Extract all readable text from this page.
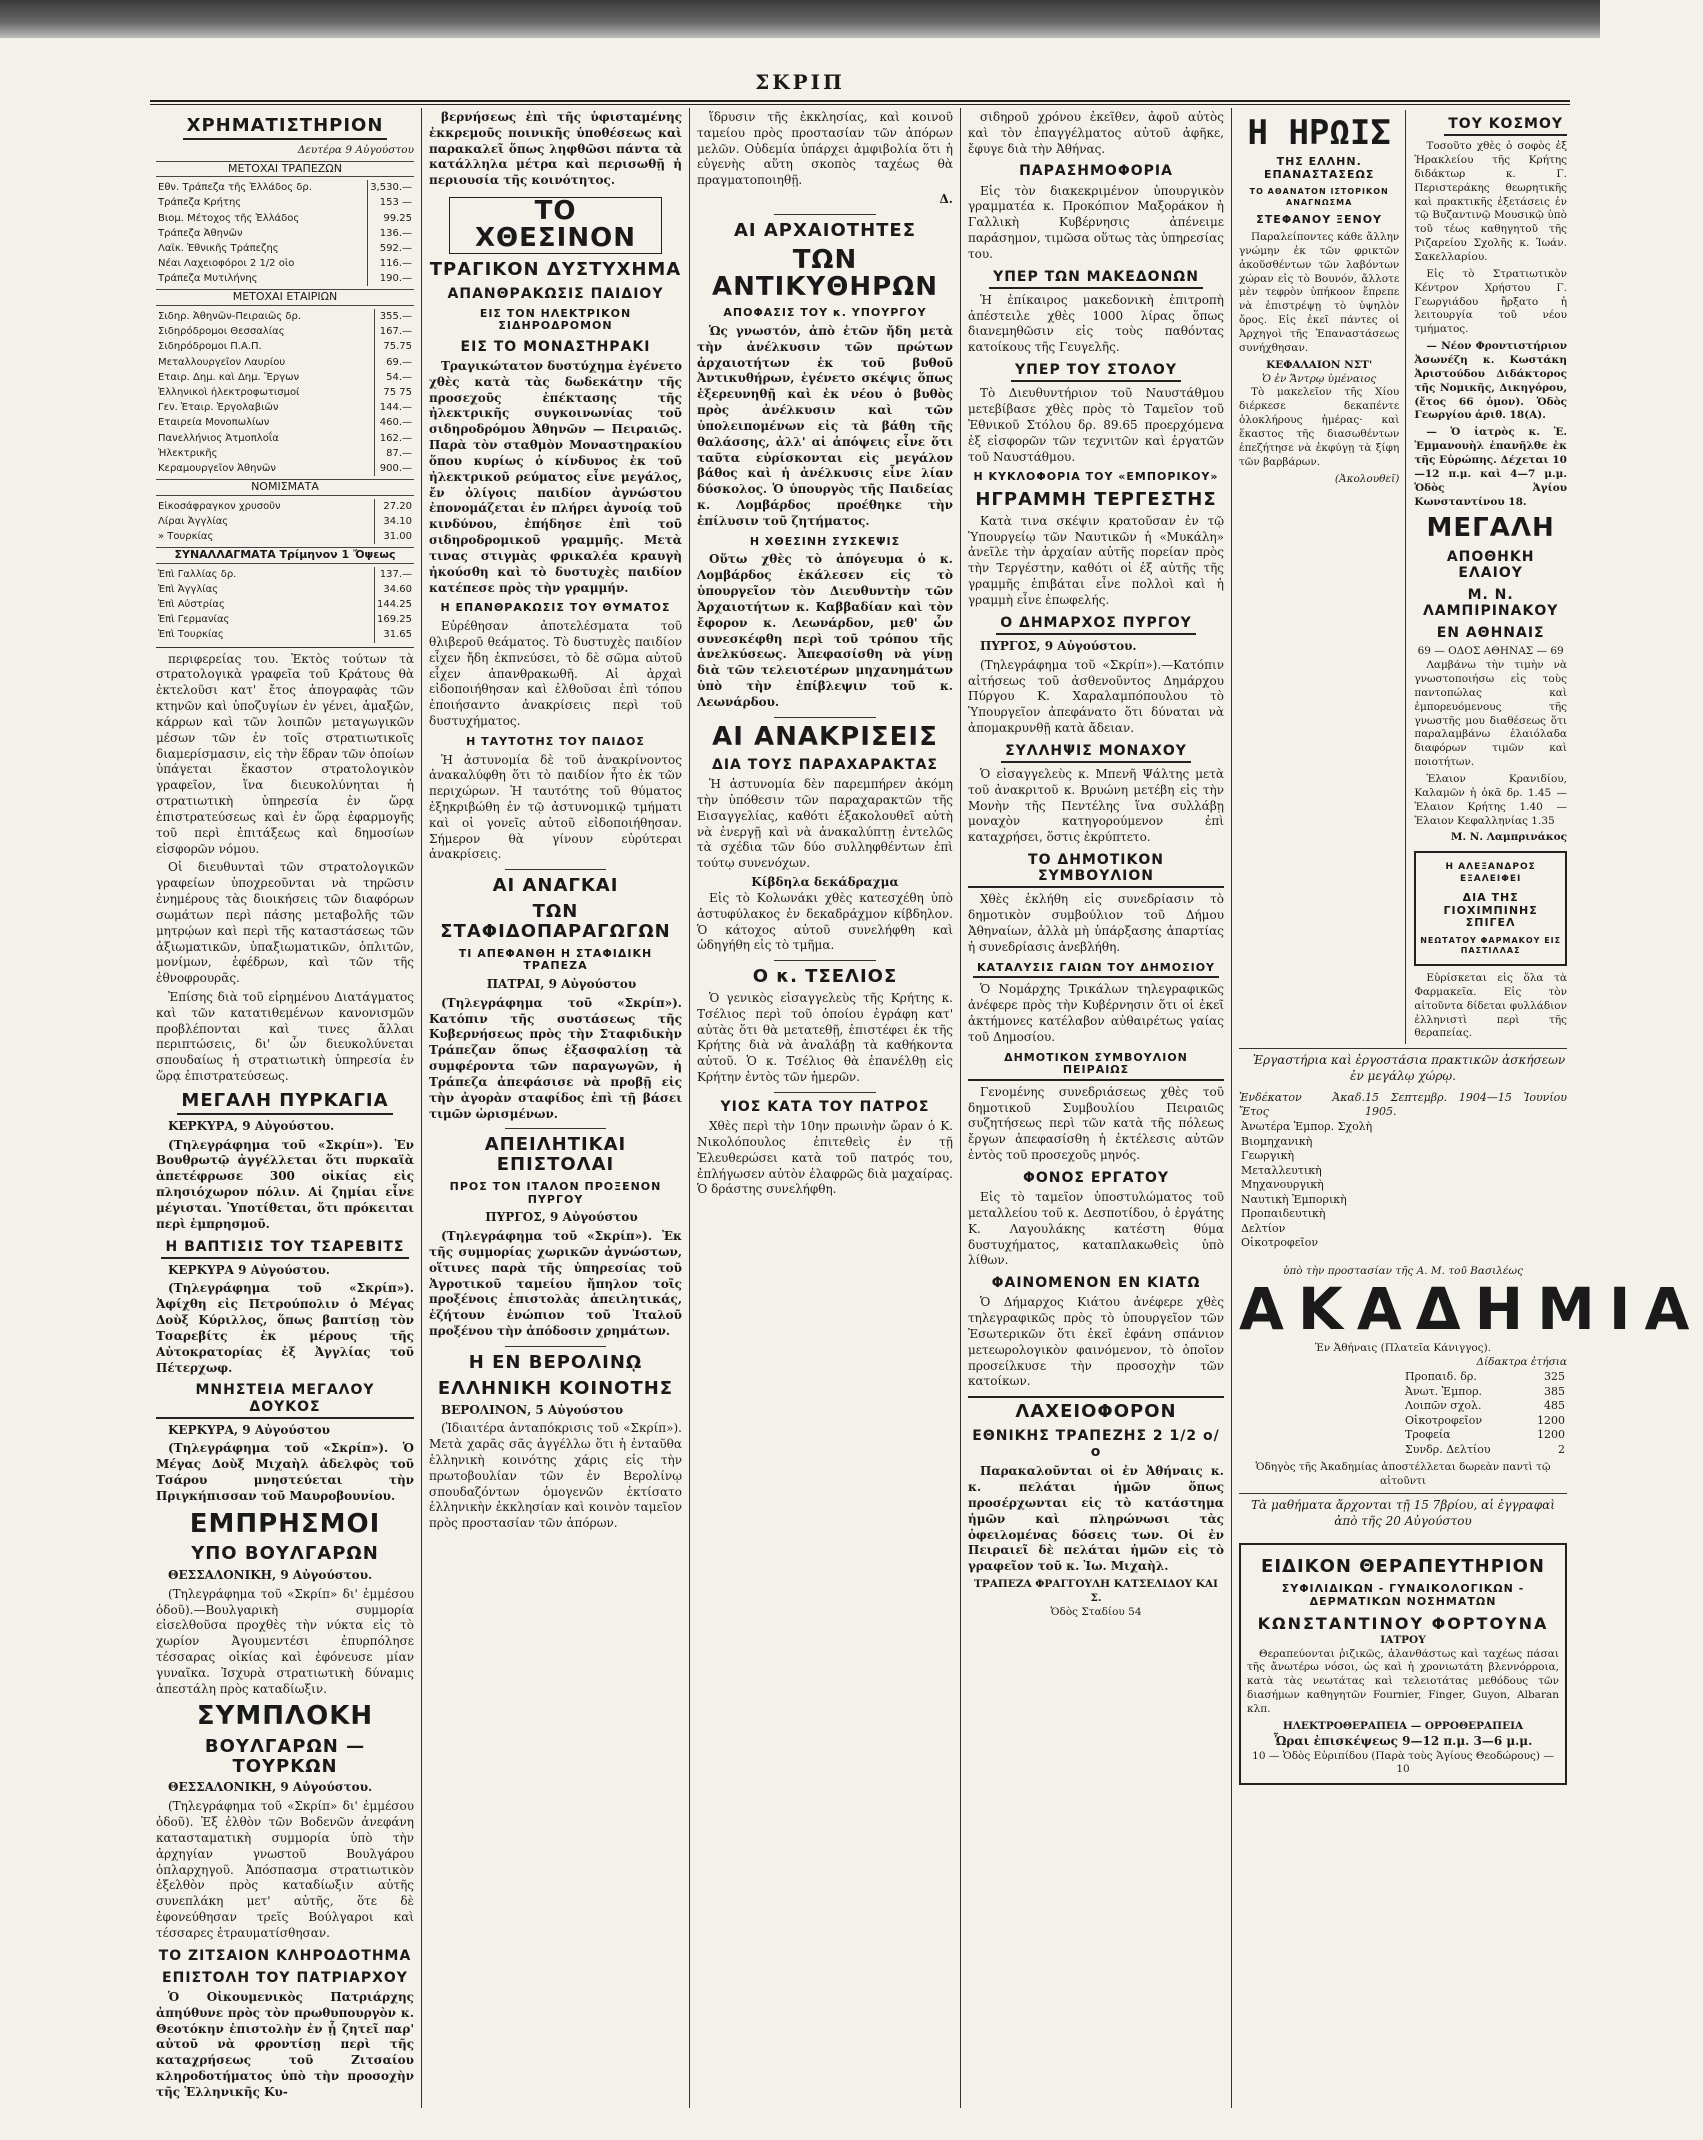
ΣΚΡΙΠ
ΧΡΗΜΑΤΙΣΤΗΡΙΟΝ
Δευτέρα 9 Αὐγούστου
ΜΕΤΟΧΑΙ ΤΡΑΠΕΖΩΝ
Εθν. Τράπεζα τῆς Ἑλλάδος δρ.	3,530.—
Τράπεζα Κρήτης	153 —
Βιομ. Μέτοχος τῆς Ἑλλάδος	99.25
Τράπεζα Ἀθηνῶν	136.—
Λαϊκ. Ἐθνικῆς Τράπεζης	592.—
Νέαι Λαχειοφόροι 2 1/2 οἱο	116.—
Τράπεζα Μυτιλήνης	190.—
ΜΕΤΟΧΑΙ ΕΤΑΙΡΙΩΝ
Σιδηρ. Ἀθηνῶν-Πειραιῶς δρ.	355.—
Σιδηρόδρομοι Θεσσαλίας	167.—
Σιδηρόδρομοι Π.Α.Π.	75.75
Μεταλλουργεῖον Λαυρίου	69.—
Εταιρ. Δημ. καὶ Δημ. Ἔργων	54.—
Ἑλληνικοὶ ἠλεκτροφωτισμοί	75 75
Γεν. Ἐταιρ. Ἐργολαβιῶν	144.—
Εταιρεία Μονοπωλίων	460.—
Πανελλήνιος Ἀτμοπλοΐα	162.—
Ἠλεκτρικῆς	87.—
Κεραμουργεῖον Ἀθηνῶν	900.—
ΝΟΜΙΣΜΑΤΑ
Εἰκοσάφραγκον χρυσοῦν	27.20
Λίραι Ἀγγλίας	34.10
» Τουρκίας	31.00
ΣΥΝΑΛΛΑΓΜΑΤΑ Τρίμηνον 1 Ὄψεως
Ἐπὶ Γαλλίας δρ.	137.—
Ἐπὶ Ἀγγλίας	34.60
Ἐπὶ Αὐστρίας	144.25
Ἐπὶ Γερμανίας	169.25
Ἐπὶ Τουρκίας	31.65

περιφερείας του. Ἐκτὸς τούτων τὰ στρατολογικὰ γραφεῖα τοῦ Κράτους θὰ ἐκτελοῦσι κατ' ἔτος ἀπογραφὰς τῶν κτηνῶν καὶ ὑποζυγίων ἐν γένει, ἁμαξῶν, κάρρων καὶ τῶν λοιπῶν μεταγωγικῶν μέσων τῶν ἐν τοῖς στρατιωτικοῖς διαμερίσμασιν, εἰς τὴν ἕδραν τῶν ὁποίων ὑπάγεται ἕκαστον στρατολογικὸν γραφεῖον, ἵνα διευκολύνηται ἡ στρατιωτικὴ ὑπηρεσία ἐν ὥρᾳ ἐπιστρατεύσεως καὶ ἐν ὥρᾳ ἐφαρμογῆς τοῦ περὶ ἐπιτάξεως καὶ δημοσίων εἰσφορῶν νόμου.

Οἱ διευθυνταὶ τῶν στρατολογικῶν γραφείων ὑποχρεοῦνται νὰ τηρῶσιν ἐνημέρους τὰς διοικήσεις τῶν διαφόρων σωμάτων περὶ πάσης μεταβολῆς τῶν μητρῴων καὶ περὶ τῆς καταστάσεως τῶν ἀξιωματικῶν, ὑπαξιωματικῶν, ὁπλιτῶν, μονίμων, ἐφέδρων, καὶ τῶν τῆς ἐθνοφρουρᾶς.

Ἐπίσης διὰ τοῦ εἰρημένου Διατάγματος καὶ τῶν κατατιθεμένων κανονισμῶν προβλέπονται καὶ τινες ἄλλαι περιπτώσεις, δι' ὧν διευκολύνεται σπουδαίως ἡ στρατιωτικὴ ὑπηρεσία ἐν ὥρᾳ ἐπιστρατεύσεως.

ΜΕΓΑΛΗ ΠΥΡΚΑΓΙΑ

ΚΕΡΚΥΡΑ, 9 Αὐγούστου.

(Τηλεγράφημα τοῦ «Σκρίπ»). Ἐν Βουθρωτῷ ἀγγέλλεται ὅτι πυρκαϊὰ ἀπετέφρωσε 300 οἰκίας εἰς πλησιόχωρον πόλιν. Αἱ ζημίαι εἶνε μέγισται. Ὑποτίθεται, ὅτι πρόκειται περὶ ἐμπρησμοῦ.

Η ΒΑΠΤΙΣΙΣ ΤΟΥ ΤΣΑΡΕΒΙΤΣ

ΚΕΡΚΥΡΑ 9 Αὐγούστου.

(Τηλεγράφημα τοῦ «Σκρίπ»). Ἀφίχθη εἰς Πετρούπολιν ὁ Μέγας Δοὺξ Κύριλλος, ὅπως βαπτίσῃ τὸν Τσαρεβίτς ἐκ μέρους τῆς Αὐτοκρατορίας ἐξ Ἀγγλίας τοῦ Πέτερχωφ.

ΜΝΗΣΤΕΙΑ ΜΕΓΑΛΟΥ ΔΟΥΚΟΣ

ΚΕΡΚΥΡΑ, 9 Αὐγούστου

(Τηλεγράφημα τοῦ «Σκρίπ»). Ὁ Μέγας Δοὺξ Μιχαὴλ ἀδελφὸς τοῦ Τσάρου μνηστεύεται τὴν Πριγκήπισσαν τοῦ Μαυροβουνίου.

ΕΜΠΡΗΣΜΟΙ
ΥΠΟ ΒΟΥΛΓΑΡΩΝ

ΘΕΣΣΑΛΟΝΙΚΗ, 9 Αὐγούστου.

(Τηλεγράφημα τοῦ «Σκρίπ» δι' ἐμμέσου ὁδοῦ).—Βουλγαρικὴ συμμορία εἰσελθοῦσα προχθὲς τὴν νύκτα εἰς τὸ χωρίον Ἀγουμεντέσι ἐπυρπόλησε τέσσαρας οἰκίας καὶ ἐφόνευσε μίαν γυναῖκα. Ἰσχυρὰ στρατιωτικὴ δύναμις ἀπεστάλη πρὸς καταδίωξιν.

ΣΥΜΠΛΟΚΗ
ΒΟΥΛΓΑΡΩΝ — ΤΟΥΡΚΩΝ

ΘΕΣΣΑΛΟΝΙΚΗ, 9 Αὐγούστου.

(Τηλεγράφημα τοῦ «Σκρίπ» δι' ἐμμέσου ὁδοῦ). Ἐξ ἐλθὸν τῶν Βοδενῶν ἀνεφάνη κατασταματικὴ συμμορία ὑπὸ τὴν ἀρχηγίαν γνωστοῦ Βουλγάρου ὁπλαρχηγοῦ. Ἀπόσπασμα στρατιωτικὸν ἐξελθὸν πρὸς καταδίωξιν αὐτῆς συνεπλάκη μετ' αὐτῆς, ὅτε δὲ ἐφονεύθησαν τρεῖς Βούλγαροι καὶ τέσσαρες ἐτραυματίσθησαν.

ΤΟ ΖΙΤΣΑΙΟΝ ΚΛΗΡΟΔΟΤΗΜΑ
ΕΠΙΣΤΟΛΗ ΤΟΥ ΠΑΤΡΙΑΡΧΟΥ

Ὁ Οἰκουμενικὸς Πατριάρχης ἀπηύθυνε πρὸς τὸν πρωθυπουργὸν κ. Θεοτόκην ἐπιστολὴν ἐν ᾗ ζητεῖ παρ' αὐτοῦ νὰ φροντίσῃ περὶ τῆς καταχρήσεως τοῦ Ζιτσαίου κληροδοτήματος ὑπὸ τὴν προσοχὴν τῆς Ἑλληνικῆς Κυ-

βερνήσεως ἐπὶ τῆς ὑφισταμένης ἐκκρεμοῦς ποινικῆς ὑποθέσεως καὶ παρακαλεῖ ὅπως ληφθῶσι πάντα τὰ κατάλληλα μέτρα καὶ περισωθῇ ἡ περιουσία τῆς κοινότητος.

ΤΟ ΧΘΕΣΙΝΟΝ
ΤΡΑΓΙΚΟΝ ΔΥΣΤΥΧΗΜΑ
ΑΠΑΝΘΡΑΚΩΣΙΣ ΠΑΙΔΙΟΥ
ΕΙΣ ΤΟΝ ΗΛΕΚΤΡΙΚΟΝ ΣΙΔΗΡΟΔΡΟΜΟΝ
ΕΙΣ ΤΟ ΜΟΝΑΣΤΗΡΑΚΙ

Τραγικώτατον δυστύχημα ἐγένετο χθὲς κατὰ τὰς δωδεκάτην τῆς προσεχοῦς ἐπέκτασης τῆς ἠλεκτρικῆς συγκοινωνίας τοῦ σιδηροδρόμου Ἀθηνῶν — Πειραιῶς. Παρὰ τὸν σταθμὸν Μοναστηρακίου ὅπου κυρίως ὁ κίνδυνος ἐκ τοῦ ἠλεκτρικοῦ ρεύματος εἶνε μεγάλος, ἔν ὀλίγοις παιδίον ἀγνώστου ἐπονομάζεται ἐν πλήρει ἀγνοίᾳ τοῦ κινδύνου, ἐπήδησε ἐπὶ τοῦ σιδηροδρομικοῦ γραμμῆς. Μετὰ τινας στιγμὰς φρικαλέα κραυγὴ ἠκούσθη καὶ τὸ δυστυχὲς παιδίον κατέπεσε πρὸς τὴν γραμμήν.

Η ΕΠΑΝΘΡΑΚΩΣΙΣ ΤΟΥ ΘΥΜΑΤΟΣ

Εὐρέθησαν ἀποτελέσματα τοῦ θλιβεροῦ θεάματος. Τὸ δυστυχὲς παιδίον εἶχεν ἤδη ἐκπνεύσει, τὸ δὲ σῶμα αὐτοῦ εἶχεν ἀπανθρακωθῆ. Αἱ ἀρχαὶ εἰδοποιήθησαν καὶ ἐλθοῦσαι ἐπὶ τόπου ἐποιήσαντο ἀνακρίσεις περὶ τοῦ δυστυχήματος.

Η ΤΑΥΤΟΤΗΣ ΤΟΥ ΠΑΙΔΟΣ

Ἡ ἀστυνομία δὲ τοῦ ἀνακρίνοντος ἀνακαλύφθη ὅτι τὸ παιδίον ἦτο ἐκ τῶν περιχώρων. Ἡ ταυτότης τοῦ θύματος ἐξηκριβώθη ἐν τῷ ἀστυνομικῷ τμήματι καὶ οἱ γονεῖς αὐτοῦ εἰδοποιήθησαν. Σήμερον θὰ γίνουν εὐρύτεραι ἀνακρίσεις.

ΑΙ ΑΝΑΓΚΑΙ
ΤΩΝ ΣΤΑΦΙΔΟΠΑΡΑΓΩΓΩΝ
ΤΙ ΑΠΕΦΑΝΘΗ Η ΣΤΑΦΙΔΙΚΗ ΤΡΑΠΕΖΑ

ΠΑΤΡΑΙ, 9 Αὐγούστου

(Τηλεγράφημα τοῦ «Σκρίπ»). Κατόπιν τῆς συστάσεως τῆς Κυβερνήσεως πρὸς τὴν Σταφιδικὴν Τράπεζαν ὅπως ἐξασφαλίσῃ τὰ συμφέροντα τῶν παραγωγῶν, ἡ Τράπεζα ἀπεφάσισε νὰ προβῇ εἰς τὴν ἀγορὰν σταφίδος ἐπὶ τῇ βάσει τιμῶν ὡρισμένων.

ΑΠΕΙΛΗΤΙΚΑΙ ΕΠΙΣΤΟΛΑΙ
ΠΡΟΣ ΤΟΝ ΙΤΑΛΟΝ ΠΡΟΞΕΝΟΝ ΠΥΡΓΟΥ

ΠΥΡΓΟΣ, 9 Αὐγούστου

(Τηλεγράφημα τοῦ «Σκρίπ»). Ἐκ τῆς συμμορίας χωρικῶν ἀγνώστων, οἵτινες παρὰ τῆς ὑπηρεσίας τοῦ Ἀγροτικοῦ ταμείου ἤπηλον τοῖς προξένοις ἐπιστολὰς ἀπειλητικάς, ἐζήτουν ἐνώπιον τοῦ Ἰταλοῦ προξένου τὴν ἀπόδοσιν χρημάτων.

Η ΕΝ ΒΕΡΟΛΙΝῼ
ΕΛΛΗΝΙΚΗ ΚΟΙΝΟΤΗΣ

ΒΕΡΟΛΙΝΟΝ, 5 Αὐγούστου

(Ἰδιαιτέρα ἀνταπόκρισις τοῦ «Σκρίπ»). Μετὰ χαρᾶς σᾶς ἀγγέλλω ὅτι ἡ ἐνταῦθα ἑλληνικὴ κοινότης χάρις εἰς τὴν πρωτοβουλίαν τῶν ἐν Βερολίνῳ σπουδαζόντων ὁμογενῶν ἐκτίσατο ἑλληνικὴν ἐκκλησίαν καὶ κοινὸν ταμεῖον πρὸς προστασίαν τῶν ἀπόρων.

ἵδρυσιν τῆς ἐκκλησίας, καὶ κοινοῦ ταμείου πρὸς προστασίαν τῶν ἀπόρων μελῶν. Οὐδεμία ὑπάρχει ἀμφιβολία ὅτι ἡ εὐγενὴς αὕτη σκοπὸς ταχέως θὰ πραγματοποιηθῇ.

Δ.
ΑΙ ΑΡΧΑΙΟΤΗΤΕΣ
ΤΩΝ ΑΝΤΙΚΥΘΗΡΩΝ
ΑΠΟΦΑΣΙΣ ΤΟΥ κ. ΥΠΟΥΡΓΟΥ

Ὡς γνωστόν, ἀπὸ ἐτῶν ἤδη μετὰ τὴν ἀνέλκυσιν τῶν πρώτων ἀρχαιοτήτων ἐκ τοῦ βυθοῦ Ἀντικυθήρων, ἐγένετο σκέψις ὅπως ἐξερευνηθῇ καὶ ἐκ νέου ὁ βυθὸς πρὸς ἀνέλκυσιν καὶ τῶν ὑπολειπομένων εἰς τὰ βάθη τῆς θαλάσσης, ἀλλ' αἱ ἀπόψεις εἶνε ὅτι ταῦτα εὑρίσκονται εἰς μεγάλον βάθος καὶ ἡ ἀνέλκυσις εἶνε λίαν δύσκολος. Ὁ ὑπουργὸς τῆς Παιδείας κ. Λομβάρδος προέθηκε τὴν ἐπίλυσιν τοῦ ζητήματος.

Η ΧΘΕΣΙΝΗ ΣΥΣΚΕΨΙΣ

Οὕτω χθὲς τὸ ἀπόγευμα ὁ κ. Λομβάρδος ἐκάλεσεν εἰς τὸ ὑπουργεῖον τὸν Διευθυντὴν τῶν Ἀρχαιοτήτων κ. Καββαδίαν καὶ τὸν ἔφορον κ. Λεωνάρδον, μεθ' ὧν συνεσκέφθη περὶ τοῦ τρόπου τῆς ἀνελκύσεως. Ἀπεφασίσθη νὰ γίνῃ διὰ τῶν τελειοτέρων μηχανημάτων ὑπὸ τὴν ἐπίβλεψιν τοῦ κ. Λεωνάρδου.

ΑΙ ΑΝΑΚΡΙΣΕΙΣ
ΔΙΑ ΤΟΥΣ ΠΑΡΑΧΑΡΑΚΤΑΣ

Ἡ ἀστυνομία δὲν παρεμπήρεν ἀκόμη τὴν ὑπόθεσιν τῶν παραχαρακτῶν τῆς Εισαγγελίας, καθότι ἐξακολουθεῖ αὐτὴ νὰ ἐνεργῇ καὶ νὰ ἀνακαλύπτῃ ἐντελῶς τὰ σχέδια τῶν δύο συλληφθέντων ἐπὶ τούτῳ συνενόχων.

Κίβδηλα δεκάδραχμα

Εἰς τὸ Κολωνάκι χθὲς κατεσχέθη ὑπὸ ἀστυφύλακος ἐν δεκαδράχμον κίβδηλον. Ὁ κάτοχος αὐτοῦ συνελήφθη καὶ ὡδηγήθη εἰς τὸ τμῆμα.

Ο κ. ΤΣΕΛΙΟΣ

Ὁ γενικὸς εἰσαγγελεὺς τῆς Κρήτης κ. Τσέλιος περὶ τοῦ ὁποίου ἐγράφη κατ' αὐτὰς ὅτι θὰ μετατεθῇ, ἐπιστέφει ἐκ τῆς Κρήτης διὰ νὰ ἀναλάβῃ τὰ καθήκοντα αὐτοῦ. Ὁ κ. Τσέλιος θὰ ἐπανέλθῃ εἰς Κρήτην ἐντὸς τῶν ἡμερῶν.

ΥΙΟΣ ΚΑΤΑ ΤΟΥ ΠΑΤΡΟΣ

Χθὲς περὶ τὴν 10ην πρωινὴν ὥραν ὁ Κ. Νικολόπουλος ἐπιτεθεὶς ἐν τῇ Ἐλευθερώσει κατὰ τοῦ πατρός του, ἐπλήγωσεν αὐτὸν ἐλαφρῶς διὰ μαχαίρας. Ὁ δράστης συνελήφθη.

σιδηροῦ χρόνου ἐκεῖθεν, ἀφοῦ αὐτὸς καὶ τὸν ἐπαγγέλματος αὐτοῦ ἀφῆκε, ἔφυγε διὰ τὴν Ἀθήνας.

ΠΑΡΑΣΗΜΟΦΟΡΙΑ

Εἰς τὸν διακεκριμένον ὑπουργικὸν γραμματέα κ. Προκόπιον Μαξοράκον ἡ Γαλλικὴ Κυβέρνησις ἀπένειμε παράσημον, τιμῶσα οὕτως τὰς ὑπηρεσίας του.

ΥΠΕΡ ΤΩΝ ΜΑΚΕΔΟΝΩΝ

Ἡ ἐπίκαιρος μακεδονικὴ ἐπιτροπὴ ἀπέστειλε χθὲς 1000 λίρας ὅπως διανεμηθῶσιν εἰς τοὺς παθόντας κατοίκους τῆς Γευγελῆς.

ΥΠΕΡ ΤΟΥ ΣΤΟΛΟΥ

Τὸ Διευθυντήριον τοῦ Ναυστάθμου μετεβίβασε χθὲς πρὸς τὸ Ταμεῖον τοῦ Ἐθνικοῦ Στόλου δρ. 89.65 προερχόμενα ἐξ εἰσφορῶν τῶν τεχνιτῶν καὶ ἐργατῶν τοῦ Ναυστάθμου.

Η ΚΥΚΛΟΦΟΡΙΑ ΤΟΥ «ΕΜΠΟΡΙΚΟΥ»
ΗΓΡΑΜΜΗ ΤΕΡΓΕΣΤΗΣ

Κατὰ τινα σκέψιν κρατοῦσαν ἐν τῷ Ὑπουργείῳ τῶν Ναυτικῶν ἡ «Μυκάλη» ἀνεῖλε τὴν ἀρχαίαν αὐτῆς πορείαν πρὸς τὴν Τεργέστην, καθότι οἱ ἐξ αὐτῆς τῆς γραμμῆς ἐπιβάται εἶνε πολλοὶ καὶ ἡ γραμμὴ εἶνε ἐπωφελής.

Ο ΔΗΜΑΡΧΟΣ ΠΥΡΓΟΥ

ΠΥΡΓΟΣ, 9 Αὐγούστου.

(Τηλεγράφημα τοῦ «Σκρίπ»).—Κατόπιν αἰτήσεως τοῦ ἀσθενοῦντος Δημάρχου Πύργου Κ. Χαραλαμπόπουλου τὸ Ὑπουργεῖον ἀπεφάνατο ὅτι δύναται νὰ ἀπομακρυνθῇ κατὰ ἄδειαν.

ΣΥΛΛΗΨΙΣ ΜΟΝΑΧΟΥ

Ὁ εἰσαγγελεὺς κ. Μπενῆ Ψάλτης μετὰ τοῦ ἀνακριτοῦ κ. Βρυώνη μετέβη εἰς τὴν Μονὴν τῆς Πεντέλης ἵνα συλλάβῃ μοναχὸν κατηγορούμενον ἐπὶ καταχρήσει, ὅστις ἐκρύπτετο.

ΤΟ ΔΗΜΟΤΙΚΟΝ ΣΥΜΒΟΥΛΙΟΝ

Χθὲς ἐκλήθη εἰς συνεδρίασιν τὸ δημοτικὸν συμβούλιον τοῦ Δήμου Ἀθηναίων, ἀλλὰ μὴ ὑπάρξασης ἀπαρτίας ἡ συνεδρίασις ἀνεβλήθη.

ΚΑΤΑΛΥΣΙΣ ΓΑΙΩΝ ΤΟΥ ΔΗΜΟΣΙΟΥ

Ὁ Νομάρχης Τρικάλων τηλεγραφικῶς ἀνέφερε πρὸς τὴν Κυβέρνησιν ὅτι οἱ ἐκεῖ ἀκτήμονες κατέλαβον αὐθαιρέτως γαίας τοῦ Δημοσίου.

ΔΗΜΟΤΙΚΟΝ ΣΥΜΒΟΥΛΙΟΝ ΠΕΙΡΑΙΩΣ

Γενομένης συνεδριάσεως χθὲς τοῦ δημοτικοῦ Συμβουλίου Πειραιῶς συζητήσεως περὶ τῶν κατὰ τῆς πόλεως ἔργων ἀπεφασίσθη ἡ ἐκτέλεσις αὐτῶν ἐντὸς τοῦ προσεχοῦς μηνός.

ΦΟΝΟΣ ΕΡΓΑΤΟΥ

Εἰς τὸ ταμεῖον ὑποστυλώματος τοῦ μεταλλείου τοῦ κ. Δεσποτίδου, ὁ ἐργάτης Κ. Λαγουλάκης κατέστη θύμα δυστυχήματος, καταπλακωθεὶς ὑπὸ λίθων.

ΦΑΙΝΟΜΕΝΟΝ ΕΝ ΚΙΑΤΩ

Ὁ Δήμαρχος Κιάτου ἀνέφερε χθὲς τηλεγραφικῶς πρὸς τὸ ὑπουργεῖον τῶν Ἐσωτερικῶν ὅτι ἐκεῖ ἐφάνη σπάνιον μετεωρολογικὸν φαινόμενον, τὸ ὁποῖον προσείλκυσε τὴν προσοχὴν τῶν κατοίκων.

ΛΑΧΕΙΟΦΟΡΟΝ
ΕΘΝΙΚΗΣ ΤΡΑΠΕΖΗΣ 2 1/2 ο/ο

Παρακαλοῦνται οἱ ἐν Ἀθήναις κ. κ. πελάται ἡμῶν ὅπως προσέρχωνται εἰς τὸ κατάστημα ἡμῶν καὶ πληρώνωσι τὰς ὀφειλομένας δόσεις των. Οἱ ἐν Πειραιεῖ δὲ πελάται ἡμῶν εἰς τὸ γραφεῖον τοῦ κ. Ἰω. Μιχαὴλ.

ΤΡΑΠΕΖΑ ΦΡΑΓΓΟΥΛΗ ΚΑΤΣΕΛΙΔΟΥ ΚΑΙ Σ.
Ὁδὸς Σταδίου 54
Η ΗΡΩΙΣ
ΤΗΣ ΕΛΛΗΝ. ΕΠΑΝΑΣΤΑΣΕΩΣ
ΤΟ ΑΘΑΝΑΤΟΝ ΙΣΤΟΡΙΚΟΝ ΑΝΑΓΝΩΣΜΑ
ΣΤΕΦΑΝΟΥ ΞΕΝΟΥ

Παραλείποντες κάθε ἄλλην γνώμην ἐκ τῶν φρικτῶν ἀκοῦσθέντων τῶν λαβόντων χώραν εἰς τὸ Βουνόν, ἄλλοτε μὲν τεφρὸν ὑπήκοον ἔπρεπε νὰ ἐπιστρέψῃ τὸ ὑψηλὸν ὄρος. Εἰς ἐκεῖ πάντες οἱ Ἀρχηγοὶ τῆς Ἐπαναστάσεως συνήχθησαν.

ΚΕΦΑΛΑΙΟΝ ΝΣΤ'
Ὁ ἐν Ἄντρῳ ὑμέναιος

Τὸ μακελεῖον τῆς Χίου διέρκεσε δεκαπέντε ὁλοκλήρους ἡμέρας· καὶ ἕκαστος τῆς διασωθέντων ἐπεζήτησε νὰ ἐκφύγῃ τὰ ξίφη τῶν βαρβάρων.

(Ἀκολουθεῖ)
ΤΟΥ ΚΟΣΜΟΥ

Τοσοῦτο χθὲς ὁ σοφὸς ἐξ Ἡρακλείου τῆς Κρήτης διδάκτωρ κ. Γ. Περιστεράκης θεωρητικῆς καὶ πρακτικῆς ἐξετάσεις ἐν τῷ Βυζαντινῷ Μουσικῷ ὑπὸ τοῦ τέως καθηγητοῦ τῆς Ριζαρείου Σχολῆς κ. Ἰωάν. Σακελλαρίου.

Εἰς τὸ Στρατιωτικὸν Κέντρον Χρήστου Γ. Γεωργιάδου ἤρξατο ἡ λειτουργία τοῦ νέου τμήματος.

— Νέον Φροντιστήριον Ἀσωνέζη κ. Κωστάκη Ἀριστούδου Διδάκτορος τῆς Νομικῆς, Δικηγόρου, (ἔτος 66 ὁμον). Ὁδὸς Γεωργίου ἀριθ. 18(Α).

— Ὁ ἰατρὸς κ. Ἐ. Ἐμμανουὴλ ἐπανῆλθε ἐκ τῆς Εὐρώπης. Δέχεται 10—12 π.μ. καὶ 4—7 μ.μ. Ὁδὸς Ἁγίου Κωνσταντίνου 18.

ΜΕΓΑΛΗ
ΑΠΟΘΗΚΗ ΕΛΑΙΟΥ
Μ. Ν. ΛΑΜΠΙΡΙΝΑΚΟΥ
ΕΝ ΑΘΗΝΑΙΣ
69 — ΟΔΟΣ ΑΘΗΝΑΣ — 69

Λαμβάνω τὴν τιμὴν νὰ γνωστοποιήσω εἰς τοὺς παντοπώλας καὶ ἐμπορευόμενους τῆς γνωστῆς μου διαθέσεως ὅτι παραλαμβάνω ἐλαιόλαδα διαφόρων τιμῶν καὶ ποιοτήτων.

Ἐλαιον Κρανιδίου, Καλαμῶν ἡ ὀκᾶ δρ. 1.45 — Ἐλαιον Κρήτης 1.40 — Ἐλαιον Κεφαλληνίας 1.35

Μ. Ν. Λαμπρινάκος
Η ΑΛΕΞΑΝΔΡΟΣ ΕΞΑΛΕΙΦΕΙ
ΔΙΑ ΤΗΣ ΓΙΟΧΙΜΠΙΝΗΣ ΣΠΙΓΕΛ
ΝΕΩΤΑΤΟΥ ΦΑΡΜΑΚΟΥ ΕΙΣ ΠΑΣΤΙΛΛΑΣ

Εὑρίσκεται εἰς ὅλα τὰ Φαρμακεῖα. Εἰς τὸν αἰτοῦντα δίδεται φυλλάδιον ἐλληνιστὶ περὶ τῆς θεραπείας.

Ἐργαστήρια καὶ ἐργοστάσια πρακτικῶν ἀσκήσεων ἐν μεγάλῳ χώρῳ.

Ἐνδέκατον Ἀκαδ. Ἔτος
15 Σεπτεμβρ. 1904—15 Ἰουνίου 1905.
Ἀνωτέρα Ἐμπορ. Σχολὴ
Βιομηχανικὴ
Γεωργικὴ
Μεταλλευτικὴ
Μηχανουργικὴ
Ναυτικὴ Ἐμπορικὴ
Προπαιδευτικὴ
Δελτίον
Οἰκοτροφεῖον
ὑπὸ τὴν προστασίαν τῆς Α. Μ. τοῦ Βασιλέως
ΑΚΑΔΗΜΙΑ
Ἐν Ἀθήναις (Πλατεῖα Κάνιγγος).
Δίδακτρα ἐτήσια
Προπαιδ. δρ.	325
Ἀνωτ. Ἐμπορ.	385
Λοιπῶν σχολ.	485
Οἰκοτροφεῖον	1200
Τροφεία	1200
Συνδρ. Δελτίου	2
Ὁδηγὸς τῆς Ἀκαδημίας ἀποστέλλεται δωρεὰν παντὶ τῷ αἰτοῦντι
Τὰ μαθήματα ἄρχονται τῇ 15 7βρίου, αἱ ἐγγραφαὶ ἀπὸ τῆς 20 Αὐγούστου
ΕΙΔΙΚΟΝ ΘΕΡΑΠΕΥΤΗΡΙΟΝ
ΣΥΦΙΛΙΔΙΚΩΝ - ΓΥΝΑΙΚΟΛΟΓΙΚΩΝ - ΔΕΡΜΑΤΙΚΩΝ ΝΟΣΗΜΑΤΩΝ
ΚΩΝΣΤΑΝΤΙΝΟΥ ΦΟΡΤΟΥΝΑ
ΙΑΤΡΟΥ

Θεραπεύονται ῥιζικῶς, ἀλανθάστως καὶ ταχέως πάσαι τῆς ἄνωτέρω νόσοι, ὡς καὶ ἡ χρονιωτάτη βλεννόρροια, κατὰ τὰς νεωτάτας καὶ τελειοτάτας μεθόδους τῶν διασήμων καθηγητῶν Fournier, Finger, Guyon, Albaran κλπ.

ΗΛΕΚΤΡΟΘΕΡΑΠΕΙΑ — ΟΡΡΟΘΕΡΑΠΕΙΑ
Ὧραι ἐπισκέψεως 9—12 π.μ. 3—6 μ.μ.
10 — Ὁδὸς Εὐριπίδου (Παρὰ τοὺς Ἁγίους Θεοδώρους) — 10
